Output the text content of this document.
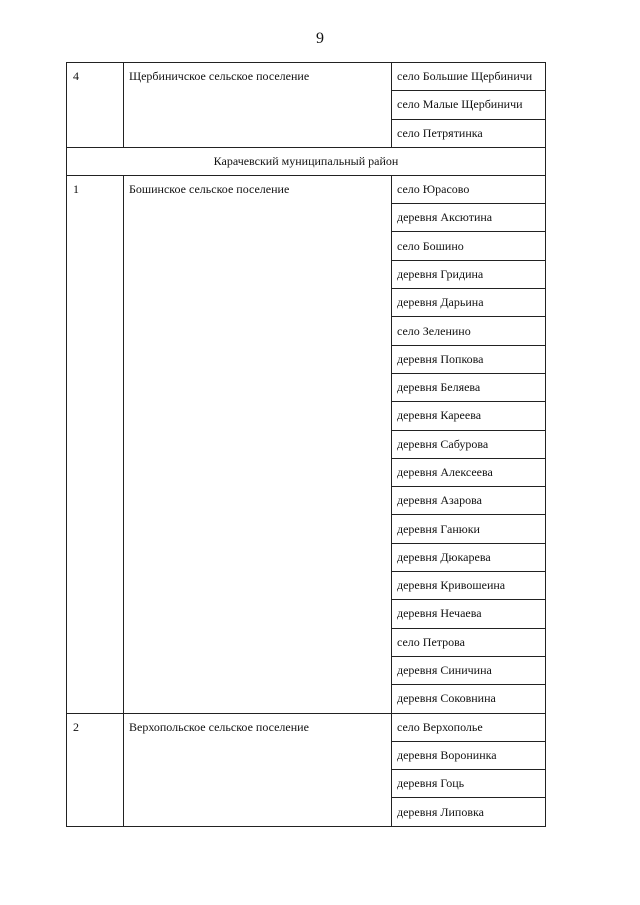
9
4	Щербиничское сельское поселение	село Большие Щербиничи
		село Малые Щербиничи
		село Петрятинка
Карачевский муниципальный район		
1	Бошинское сельское поселение	село Юрасово
		деревня Аксютина
		село Бошино
		деревня Гридина
		деревня Дарьина
		село Зеленино
		деревня Попкова
		деревня Беляева
		деревня Кареева
		деревня Сабурова
		деревня Алексеева
		деревня Азарова
		деревня Ганюки
		деревня Дюкарева
		деревня Кривошеина
		деревня Нечаева
		село Петрова
		деревня Синичина
		деревня Соковнина
2	Верхопольское сельское поселение	село Верхополье
		деревня Воронинка
		деревня Гоць
		деревня Липовка
